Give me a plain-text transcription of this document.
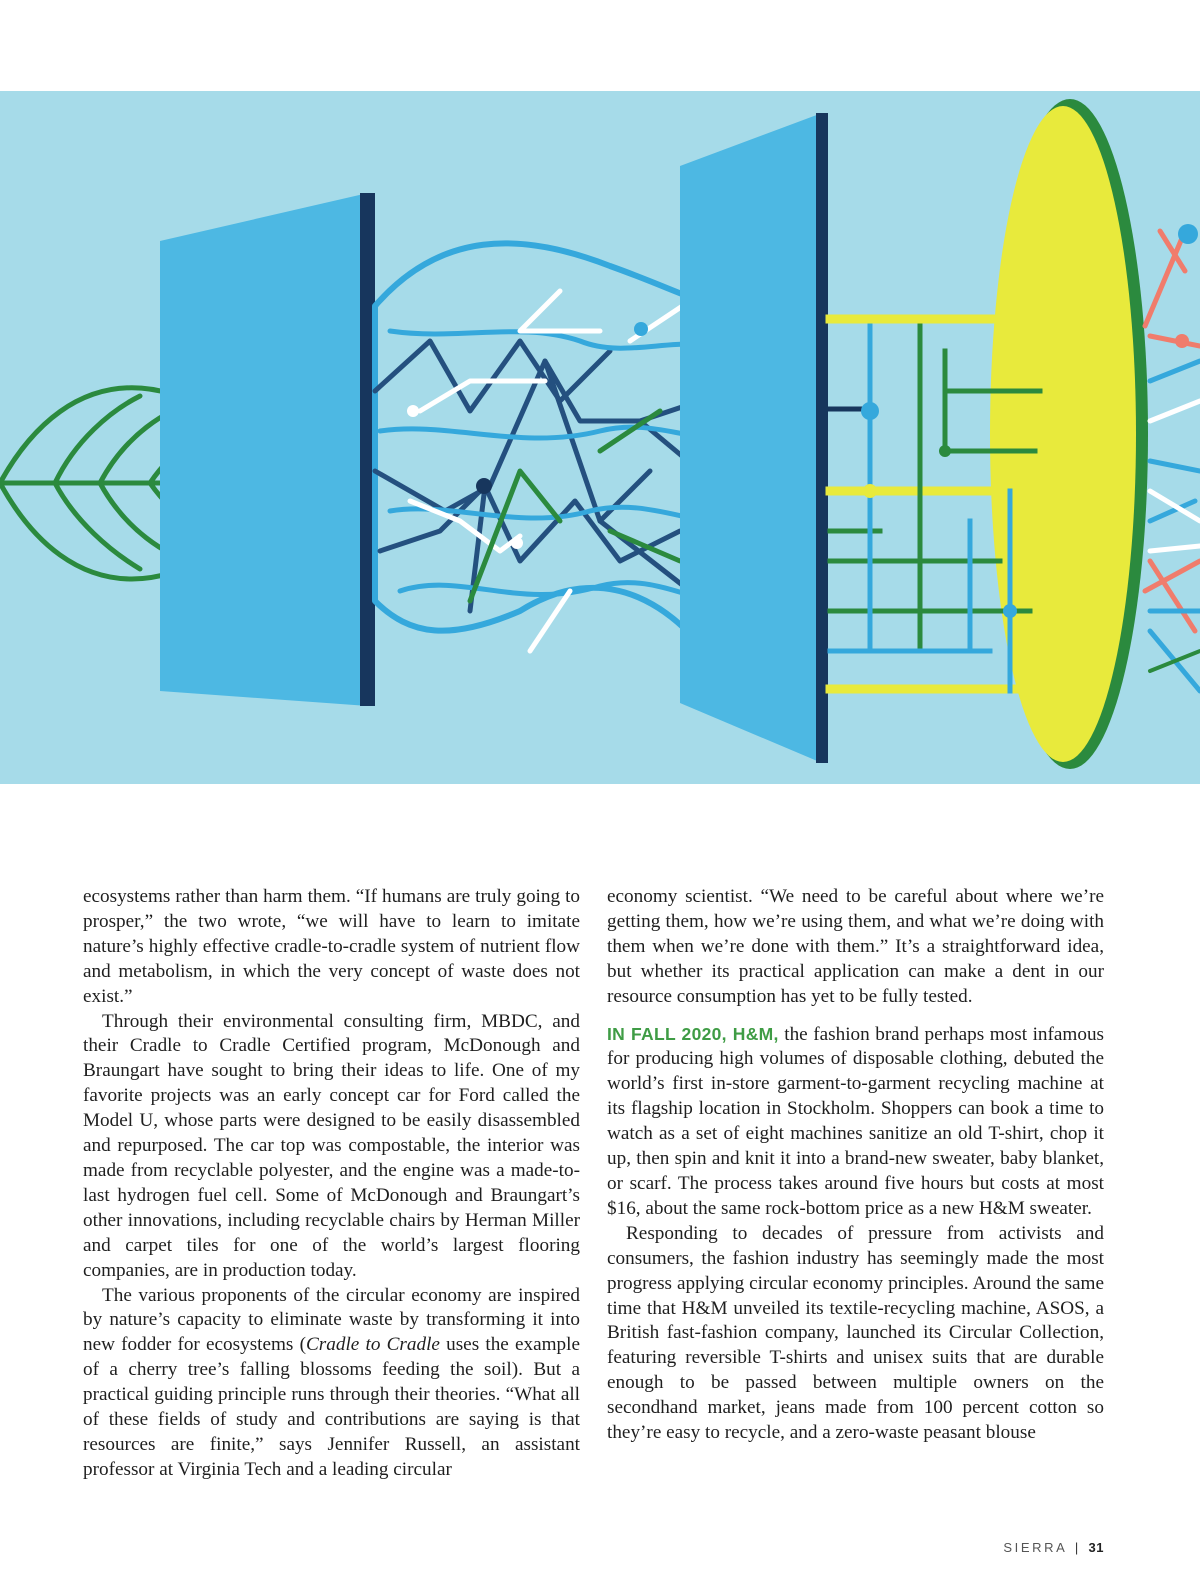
ecosystems rather than harm them. “If humans are truly going to prosper,” the two wrote, “we will have to learn to imitate nature’s highly effective cradle-to-cradle system of nutrient flow and metabolism, in which the very concept of waste does not exist.”

Through their environmental consulting firm, MBDC, and their Cradle to Cradle Certified program, McDonough and Braungart have sought to bring their ideas to life. One of my favorite projects was an early concept car for Ford called the Model U, whose parts were designed to be easily disassembled and repurposed. The car top was compostable, the interior was made from recyclable polyester, and the engine was a made-to-last hydrogen fuel cell. Some of McDonough and Braungart’s other innovations, including recyclable chairs by Herman Miller and carpet tiles for one of the world’s largest flooring companies, are in production today.

The various proponents of the circular economy are inspired by nature’s capacity to eliminate waste by transforming it into new fodder for ecosystems (Cradle to Cradle uses the example of a cherry tree’s falling blossoms feeding the soil). But a practical guiding principle runs through their theories. “What all of these fields of study and contributions are saying is that resources are finite,” says Jennifer Russell, an assistant professor at Virginia Tech and a leading circular

economy scientist. “We need to be careful about where we’re getting them, how we’re using them, and what we’re doing with them when we’re done with them.” It’s a straightforward idea, but whether its practical application can make a dent in our resource consumption has yet to be fully tested.

IN FALL 2020, H&M, the fashion brand perhaps most infamous for producing high volumes of disposable clothing, debuted the world’s first in-store garment-to-garment recycling machine at its flagship location in Stockholm. Shoppers can book a time to watch as a set of eight machines sanitize an old T-shirt, chop it up, then spin and knit it into a brand-new sweater, baby blanket, or scarf. The process takes around five hours but costs at most $16, about the same rock-bottom price as a new H&M sweater.

Responding to decades of pressure from activists and consumers, the fashion industry has seemingly made the most progress applying circular economy principles. Around the same time that H&M unveiled its textile-recycling machine, ASOS, a British fast-fashion company, launched its Circular Collection, featuring reversible T-shirts and unisex suits that are durable enough to be passed between multiple owners on the secondhand market, jeans made from 100 percent cotton so they’re easy to recycle, and a zero-waste peasant blouse

SIERRA | 31
